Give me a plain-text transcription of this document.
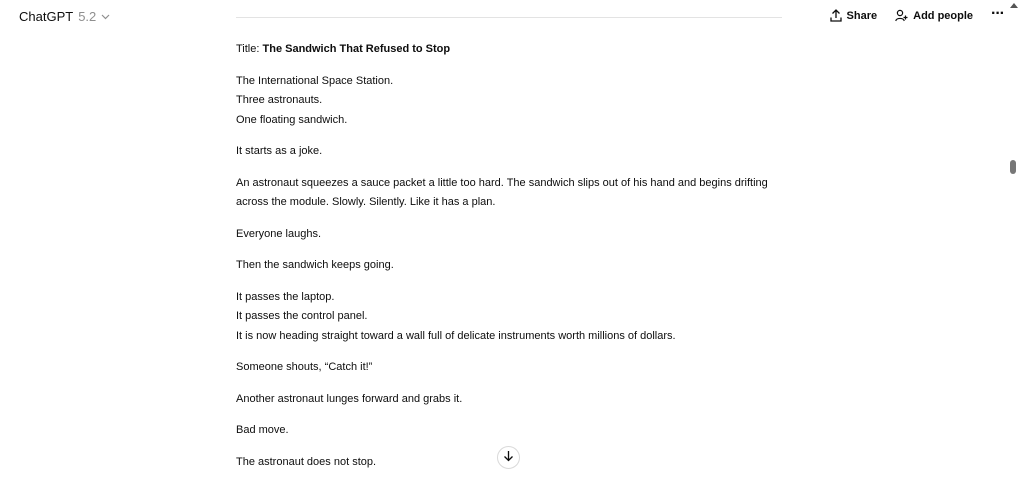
ChatGPT 5.2	Share	Add people ···
Title: The Sandwich That Refused to Stop
The International Space Station.
Three astronauts.
One floating sandwich.
It starts as a joke.
An astronaut squeezes a sauce packet a little too hard. The sandwich slips out of his hand and begins drifting across the module. Slowly. Silently. Like it has a plan.
Everyone laughs.
Then the sandwich keeps going.
It passes the laptop.
It passes the control panel.
It is now heading straight toward a wall full of delicate instruments worth millions of dollars.
Someone shouts, “Catch it!”
Another astronaut lunges forward and grabs it.
Bad move.
The astronaut does not stop.
